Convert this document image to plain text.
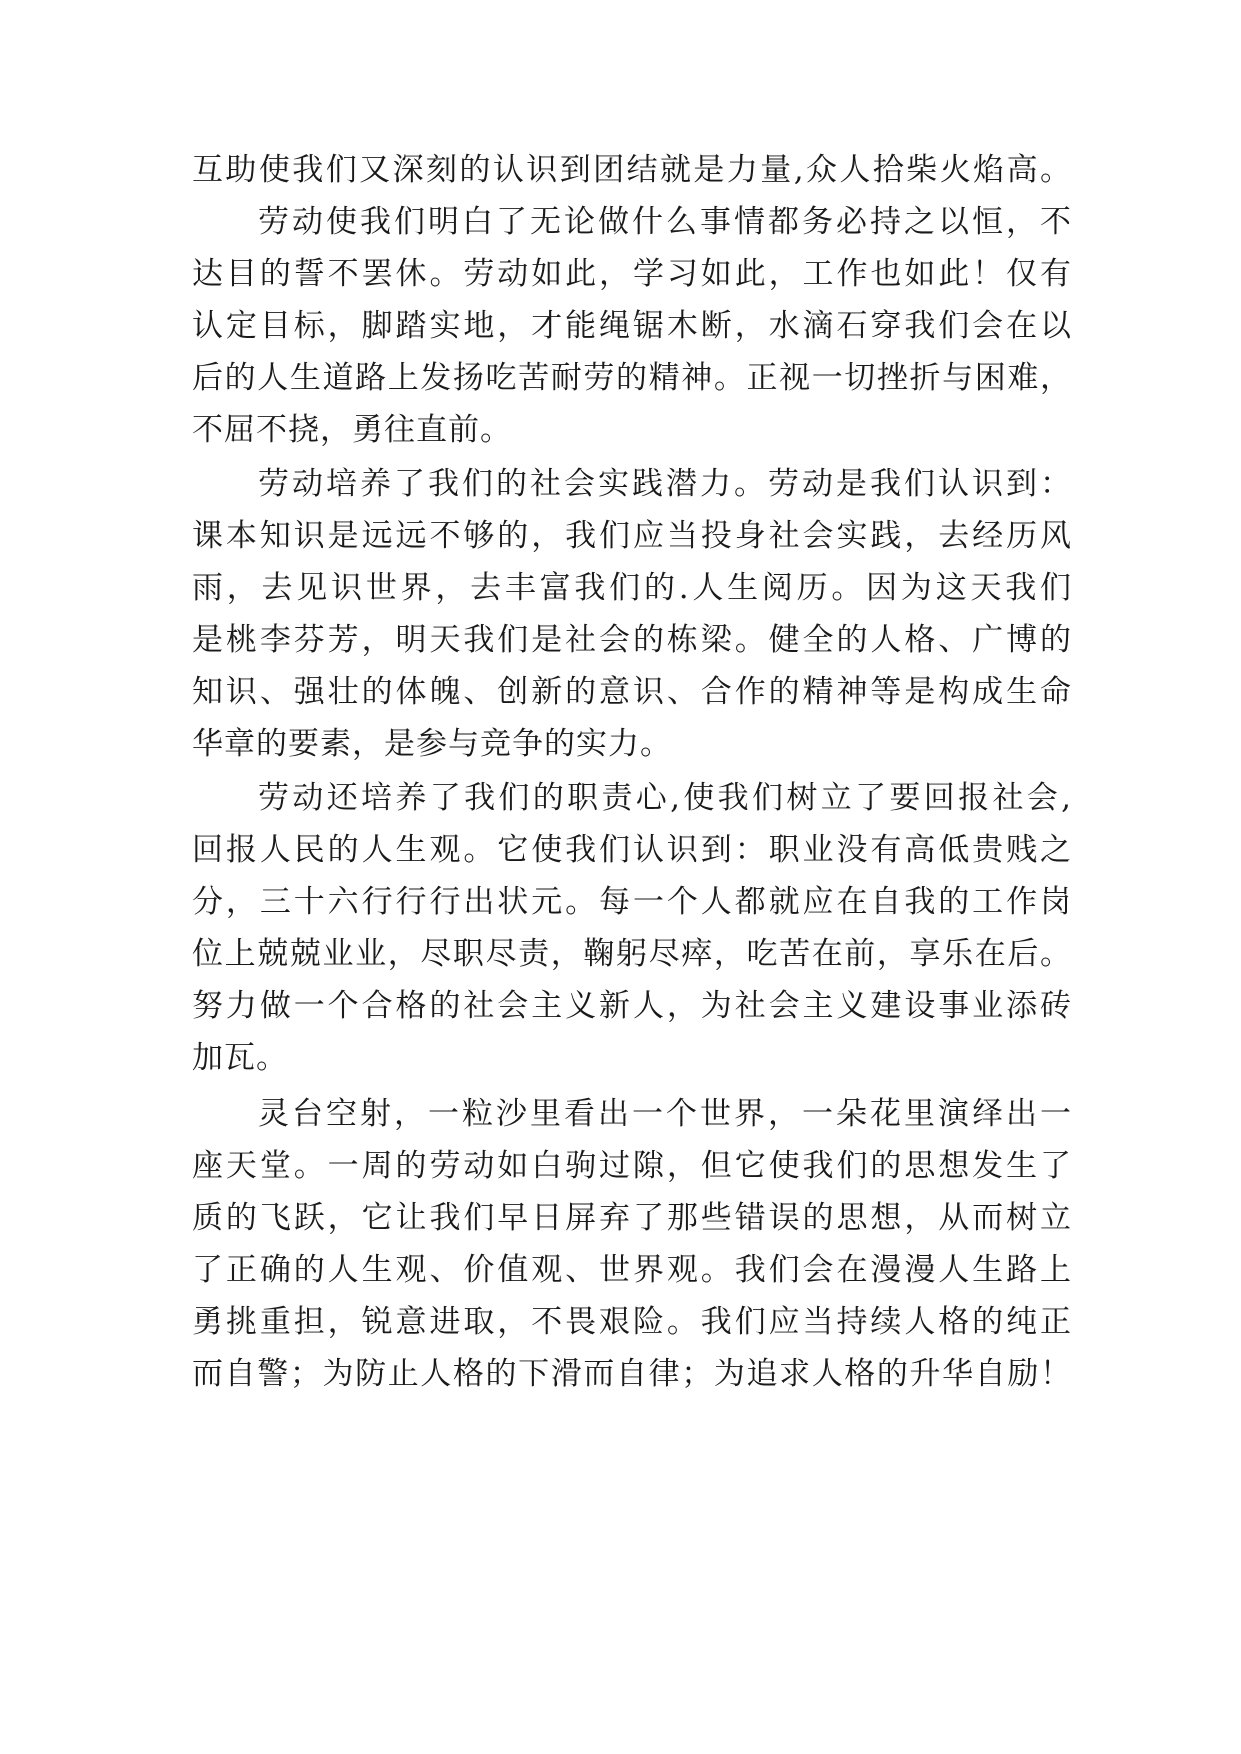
互助使我们又深刻的认识到团结就是力量,众人拾柴火焰高。
劳动使我们明白了无论做什么事情都务必持之以恒，不
达目的誓不罢休。劳动如此，学习如此，工作也如此！仅有
认定目标，脚踏实地，才能绳锯木断，水滴石穿我们会在以
后的人生道路上发扬吃苦耐劳的精神。正视一切挫折与困难，
不屈不挠，勇往直前。
劳动培养了我们的社会实践潜力。劳动是我们认识到：
课本知识是远远不够的，我们应当投身社会实践，去经历风
雨，去见识世界，去丰富我们的.人生阅历。因为这天我们
是桃李芬芳，明天我们是社会的栋梁。健全的人格、广博的
知识、强壮的体魄、创新的意识、合作的精神等是构成生命
华章的要素，是参与竞争的实力。
劳动还培养了我们的职责心,使我们树立了要回报社会,
回报人民的人生观。它使我们认识到：职业没有高低贵贱之
分，三十六行行行出状元。每一个人都就应在自我的工作岗
位上兢兢业业，尽职尽责，鞠躬尽瘁，吃苦在前，享乐在后。
努力做一个合格的社会主义新人，为社会主义建设事业添砖
加瓦。
灵台空射，一粒沙里看出一个世界，一朵花里演绎出一
座天堂。一周的劳动如白驹过隙，但它使我们的思想发生了
质的飞跃，它让我们早日屏弃了那些错误的思想，从而树立
了正确的人生观、价值观、世界观。我们会在漫漫人生路上
勇挑重担，锐意进取，不畏艰险。我们应当持续人格的纯正
而自警；为防止人格的下滑而自律；为追求人格的升华自励！
